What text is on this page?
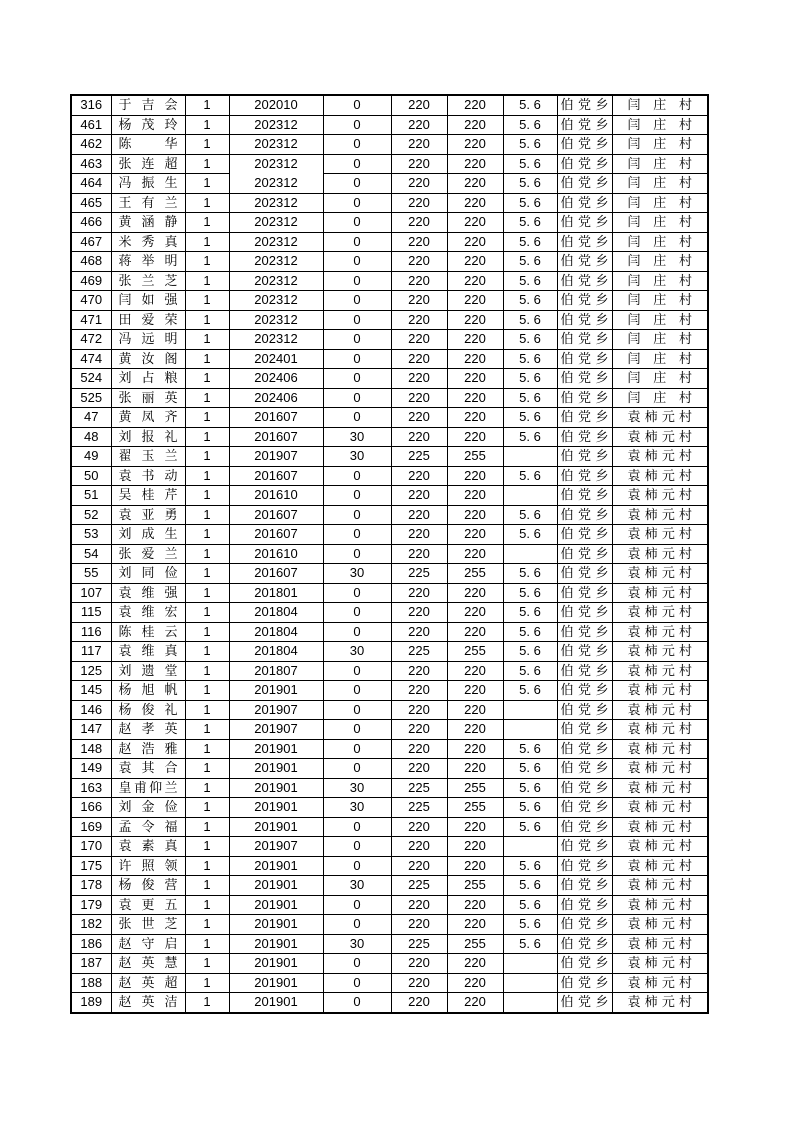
316	于吉会	1	202010	0	220	220	5. 6	伯党乡	闫庄村
461	杨茂玲	1	202312	0	220	220	5. 6	伯党乡	闫庄村
462	陈华	1	202312	0	220	220	5. 6	伯党乡	闫庄村
463	张连超	1	202312	0	220	220	5. 6	伯党乡	闫庄村
464	冯振生	1	202312	0	220	220	5. 6	伯党乡	闫庄村
465	王有兰	1	202312	0	220	220	5. 6	伯党乡	闫庄村
466	黄涵静	1	202312	0	220	220	5. 6	伯党乡	闫庄村
467	米秀真	1	202312	0	220	220	5. 6	伯党乡	闫庄村
468	蒋举明	1	202312	0	220	220	5. 6	伯党乡	闫庄村
469	张兰芝	1	202312	0	220	220	5. 6	伯党乡	闫庄村
470	闫如强	1	202312	0	220	220	5. 6	伯党乡	闫庄村
471	田爱荣	1	202312	0	220	220	5. 6	伯党乡	闫庄村
472	冯远明	1	202312	0	220	220	5. 6	伯党乡	闫庄村
474	黄汝阁	1	202401	0	220	220	5. 6	伯党乡	闫庄村
524	刘占粮	1	202406	0	220	220	5. 6	伯党乡	闫庄村
525	张丽英	1	202406	0	220	220	5. 6	伯党乡	闫庄村
47	黄凤齐	1	201607	0	220	220	5. 6	伯党乡	袁柿元村
48	刘报礼	1	201607	30	220	220	5. 6	伯党乡	袁柿元村
49	翟玉兰	1	201907	30	225	255		伯党乡	袁柿元村
50	袁书动	1	201607	0	220	220	5. 6	伯党乡	袁柿元村
51	吴桂芹	1	201610	0	220	220		伯党乡	袁柿元村
52	袁亚勇	1	201607	0	220	220	5. 6	伯党乡	袁柿元村
53	刘成生	1	201607	0	220	220	5. 6	伯党乡	袁柿元村
54	张爱兰	1	201610	0	220	220		伯党乡	袁柿元村
55	刘同俭	1	201607	30	225	255	5. 6	伯党乡	袁柿元村
107	袁维强	1	201801	0	220	220	5. 6	伯党乡	袁柿元村
115	袁维宏	1	201804	0	220	220	5. 6	伯党乡	袁柿元村
116	陈桂云	1	201804	0	220	220	5. 6	伯党乡	袁柿元村
117	袁维真	1	201804	30	225	255	5. 6	伯党乡	袁柿元村
125	刘遗堂	1	201807	0	220	220	5. 6	伯党乡	袁柿元村
145	杨旭帆	1	201901	0	220	220	5. 6	伯党乡	袁柿元村
146	杨俊礼	1	201907	0	220	220		伯党乡	袁柿元村
147	赵孝英	1	201907	0	220	220		伯党乡	袁柿元村
148	赵浩雅	1	201901	0	220	220	5. 6	伯党乡	袁柿元村
149	袁其合	1	201901	0	220	220	5. 6	伯党乡	袁柿元村
163	皇甫仰兰	1	201901	30	225	255	5. 6	伯党乡	袁柿元村
166	刘金俭	1	201901	30	225	255	5. 6	伯党乡	袁柿元村
169	孟令福	1	201901	0	220	220	5. 6	伯党乡	袁柿元村
170	袁素真	1	201907	0	220	220		伯党乡	袁柿元村
175	许照领	1	201901	0	220	220	5. 6	伯党乡	袁柿元村
178	杨俊营	1	201901	30	225	255	5. 6	伯党乡	袁柿元村
179	袁更五	1	201901	0	220	220	5. 6	伯党乡	袁柿元村
182	张世芝	1	201901	0	220	220	5. 6	伯党乡	袁柿元村
186	赵守启	1	201901	30	225	255	5. 6	伯党乡	袁柿元村
187	赵英慧	1	201901	0	220	220		伯党乡	袁柿元村
188	赵英超	1	201901	0	220	220		伯党乡	袁柿元村
189	赵英洁	1	201901	0	220	220		伯党乡	袁柿元村
